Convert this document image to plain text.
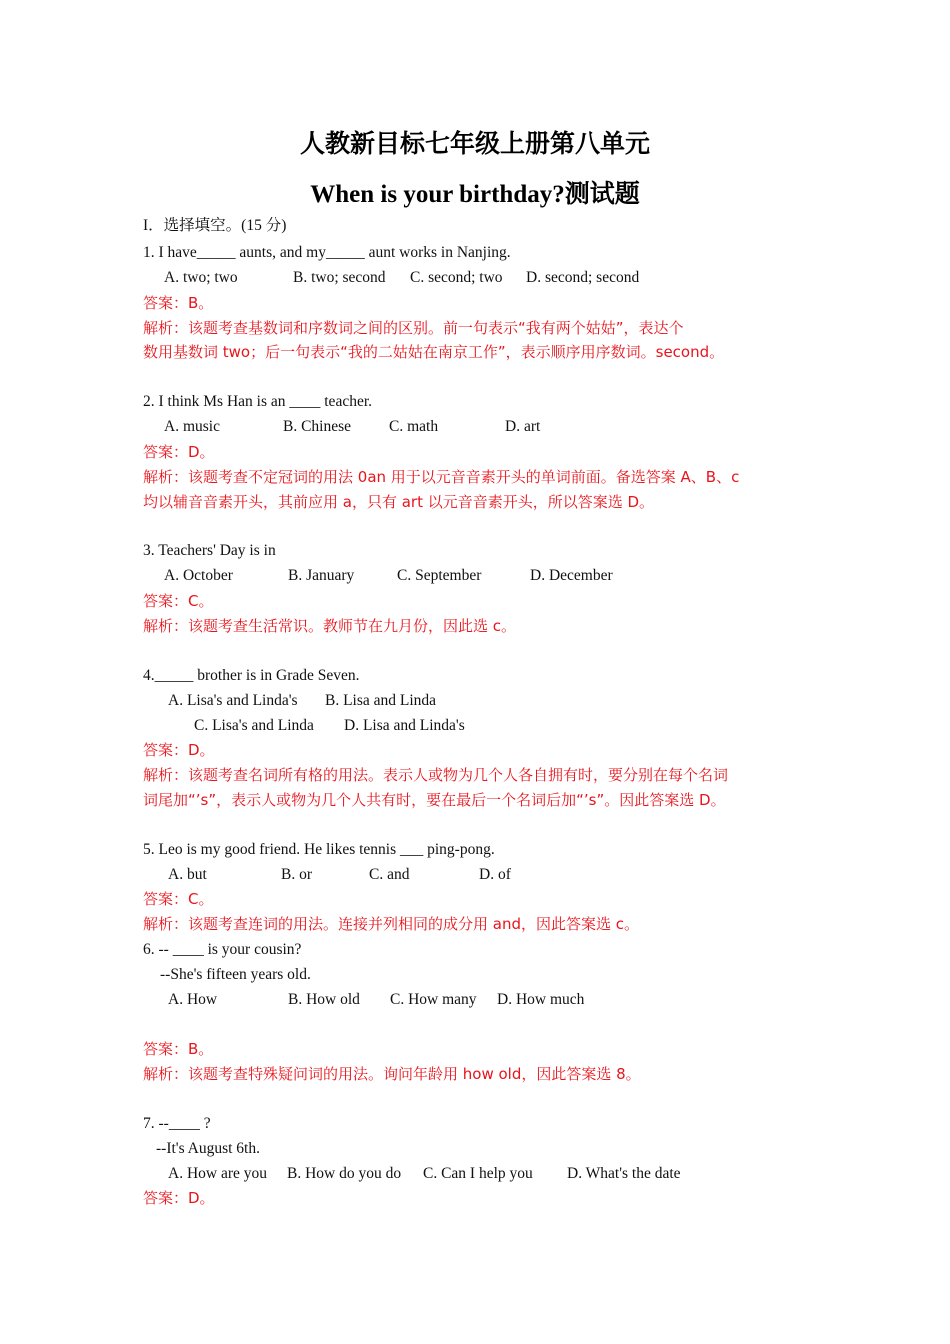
人教新目标七年级上册第八单元
When is your birthday?测试题
I．选择填空。(15 分)
1. I have_____ aunts, and my_____ aunt works in Nanjing.
A. two; two	B. two; second C. second; two D. second; second
答案：B。
解析：该题考查基数词和序数词之间的区别。前一句表示“我有两个姑姑”，表达个
数用基数词 two；后一句表示“我的二姑姑在南京工作”，表示顺序用序数词。second。
2. I think Ms Han is an ____ teacher.
A. music	B. Chinese C. math	D. art
答案：D。
解析：该题考查不定冠词的用法 0an 用于以元音音素开头的单词前面。备选答案 A、B、c
均以辅音音素开头，其前应用 a，只有 art 以元音音素开头，所以答案选 D。
3. Teachers' Day is in
A. October	B. January	C. September	D. December
答案：C。
解析：该题考查生活常识。教师节在九月份，因此选 c。
4._____ brother is in Grade Seven.
A. Lisa's and Linda's B. Lisa and Linda
C. Lisa's and Linda D. Lisa and Linda's
答案：D。
解析：该题考查名词所有格的用法。表示人或物为几个人各自拥有时，要分别在每个名词
词尾加“’s”，表示人或物为几个人共有时，要在最后一个名词后加“’s”。因此答案选 D。
5. Leo is my good friend. He likes tennis ___ ping-pong.
A. but	B. or	C. and	D. of
答案：C。
解析：该题考查连词的用法。连接并列相同的成分用 and，因此答案选 c。
6. -- ____ is your cousin?
--She's fifteen years old.
A. How	B. How old C. How many D. How much
答案：B。
解析：该题考查特殊疑问词的用法。询问年龄用 how old，因此答案选 8。
7. --____ ?
--It's August 6th.
A. How are you B. How do you do C. Can I help you D. What's the date
答案：D。
